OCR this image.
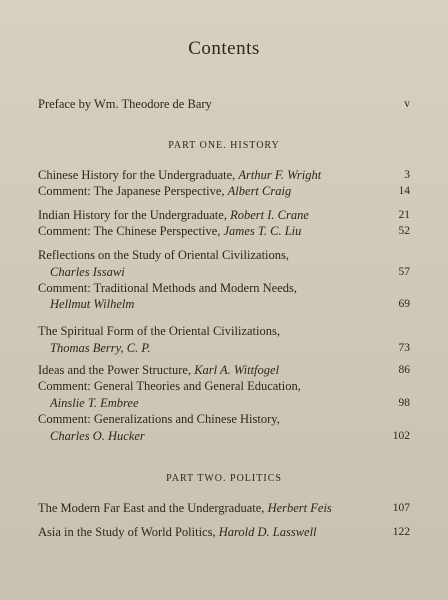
Contents
Preface by Wm. Theodore de Bary	v
PART ONE. HISTORY
PART TWO. POLITICS
Chinese History for the Undergraduate, Arthur F. Wright	3
Comment: The Japanese Perspective, Albert Craig	14
Indian History for the Undergraduate, Robert I. Crane	21
Comment: The Chinese Perspective, James T. C. Liu	52
Reflections on the Study of Oriental Civilizations,
Charles Issawi	57
Comment: Traditional Methods and Modern Needs,
Hellmut Wilhelm	69
The Spiritual Form of the Oriental Civilizations,
Thomas Berry, C. P.	73
Ideas and the Power Structure, Karl A. Wittfogel	86
Comment: General Theories and General Education,
Ainslie T. Embree	98
Comment: Generalizations and Chinese History,
Charles O. Hucker	102
The Modern Far East and the Undergraduate, Herbert Feis	107
Asia in the Study of World Politics, Harold D. Lasswell	122
